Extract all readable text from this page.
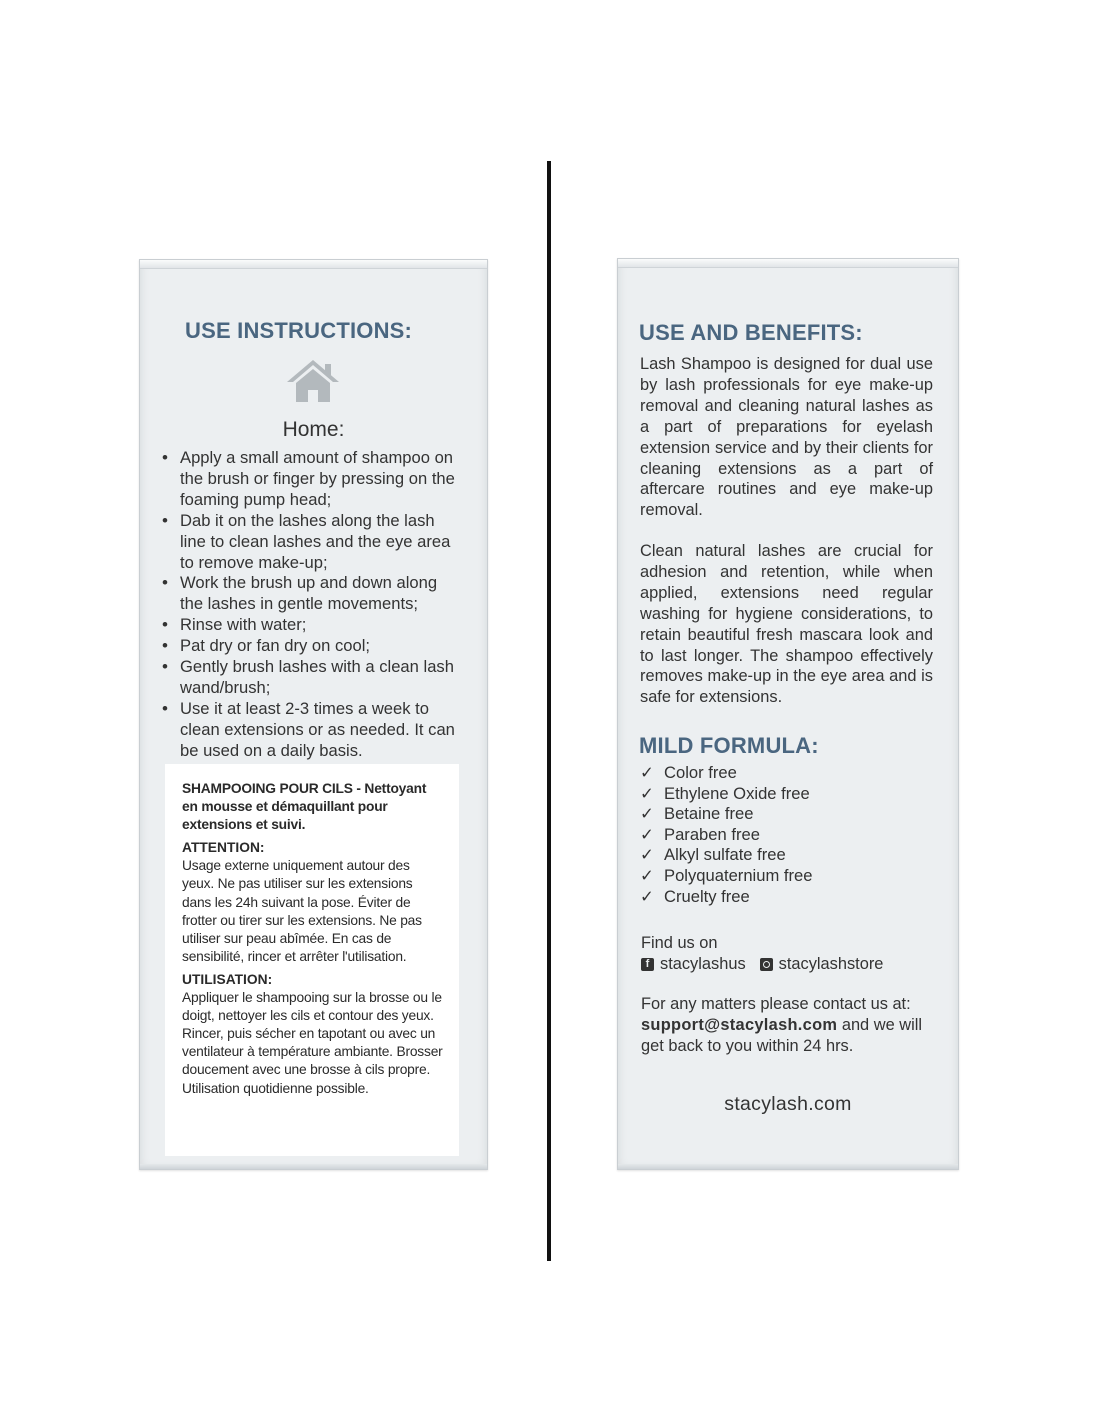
USE INSTRUCTIONS:
Home:
• Apply a small amount of shampoo on the brush or finger by pressing on the foaming pump head;
• Dab it on the lashes along the lash line to clean lashes and the eye area to remove make-up;
• Work the brush up and down along the lashes in gentle movements;
• Rinse with water;
• Pat dry or fan dry on cool;
• Gently brush lashes with a clean lash wand/brush;
• Use it at least 2-3 times a week to clean extensions or as needed. It can be used on a daily basis.
SHAMPOOING POUR CILS - Nettoyant en mousse et démaquillant pour extensions et suivi.
ATTENTION:

Usage externe uniquement autour des yeux. Ne pas utiliser sur les extensions dans les 24h suivant la pose. Éviter de frotter ou tirer sur les extensions. Ne pas utiliser sur peau abîmée. En cas de sensibilité, rincer et arrêter l'utilisation.

UTILISATION:

Appliquer le shampooing sur la brosse ou le doigt, nettoyer les cils et contour des yeux. Rincer, puis sécher en tapotant ou avec un ventilateur à température ambiante. Brosser doucement avec une brosse à cils propre. Utilisation quotidienne possible.

USE AND BENEFITS:

Lash Shampoo is designed for dual use by lash professionals for eye make-up removal and cleaning natural lashes as a part of preparations for eyelash extension service and by their clients for cleaning extensions as a part of aftercare routines and eye make-up removal.

Clean natural lashes are crucial for adhesion and retention, while when applied, extensions need regular washing for hygiene considerations, to retain beautiful fresh mascara look and to last longer. The shampoo effectively removes make-up in the eye area and is safe for extensions.

MILD FORMULA:
✓ Color free
✓ Ethylene Oxide free
✓ Betaine free
✓ Paraben free
✓ Alkyl sulfate free
✓ Polyquaternium free
✓ Cruelty free
Find us on
f stacylashus stacylashstore
For any matters please contact us at: support@stacylash.com and we will get back to you within 24 hrs.
stacylash.com
